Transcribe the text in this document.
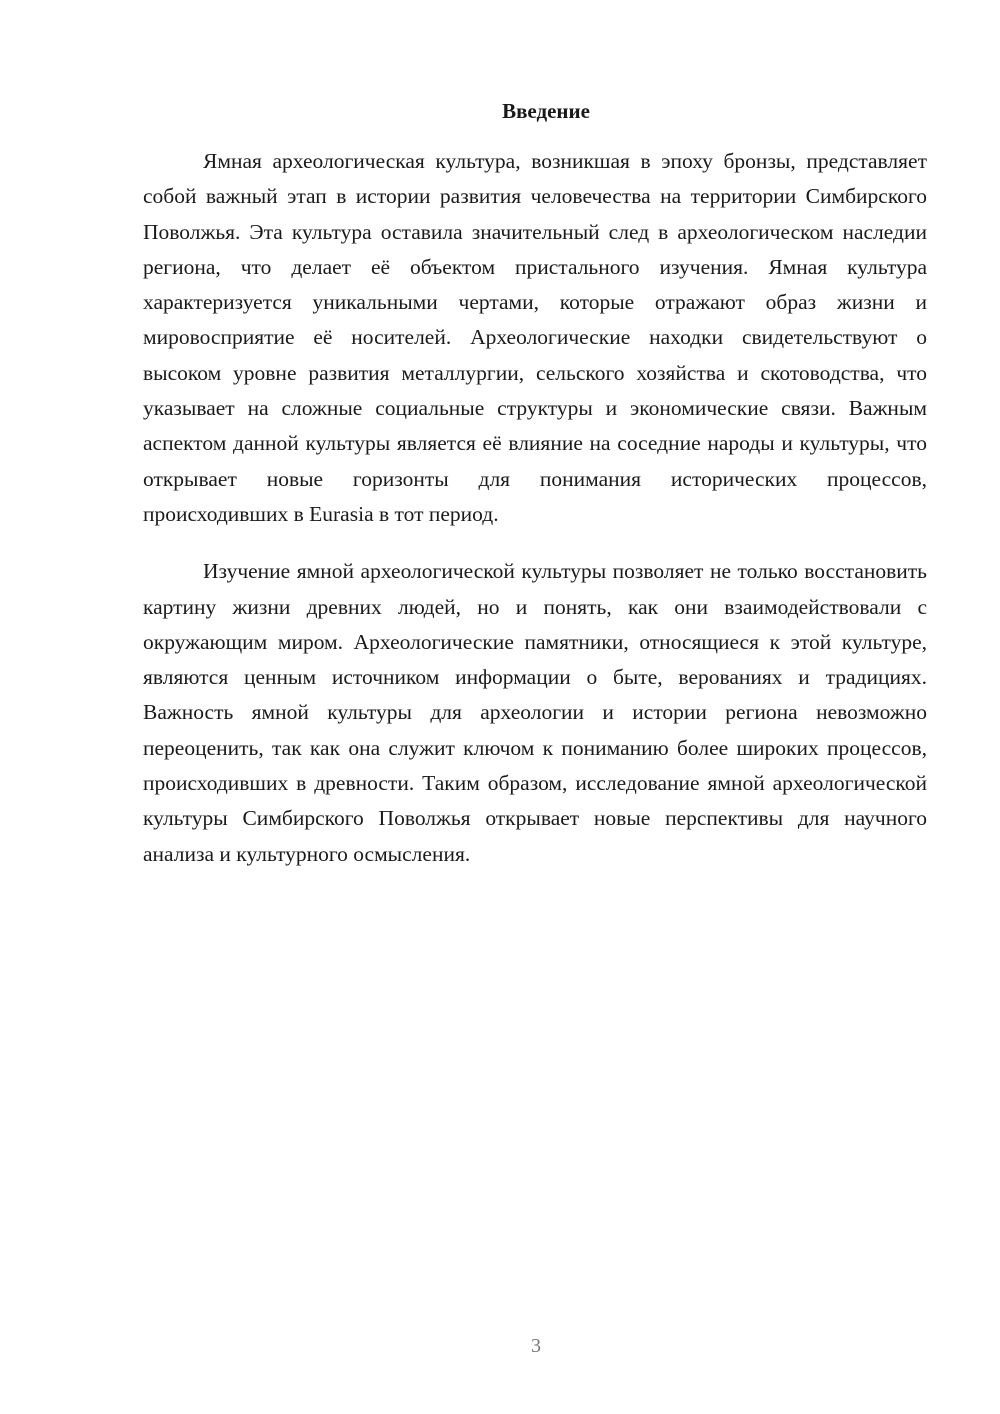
Введение

Ямная археологическая культура, возникшая в эпоху бронзы, представляет собой важный этап в истории развития человечества на территории Симбирского Поволжья. Эта культура оставила значительный след в археологическом наследии региона, что делает её объектом пристального изучения. Ямная культура характеризуется уникальными чертами, которые отражают образ жизни и мировосприятие её носителей. Археологические находки свидетельствуют о высоком уровне развития металлургии, сельского хозяйства и скотоводства, что указывает на сложные социальные структуры и экономические связи. Важным аспектом данной культуры является её влияние на соседние народы и культуры, что открывает новые горизонты для понимания исторических процессов, происходивших в Eurasia в тот период.

Изучение ямной археологической культуры позволяет не только восстановить картину жизни древних людей, но и понять, как они взаимодействовали с окружающим миром. Археологические памятники, относящиеся к этой культуре, являются ценным источником информации о быте, верованиях и традициях. Важность ямной культуры для археологии и истории региона невозможно переоценить, так как она служит ключом к пониманию более широких процессов, происходивших в древности. Таким образом, исследование ямной археологической культуры Симбирского Поволжья открывает новые перспективы для научного анализа и культурного осмысления.

3
